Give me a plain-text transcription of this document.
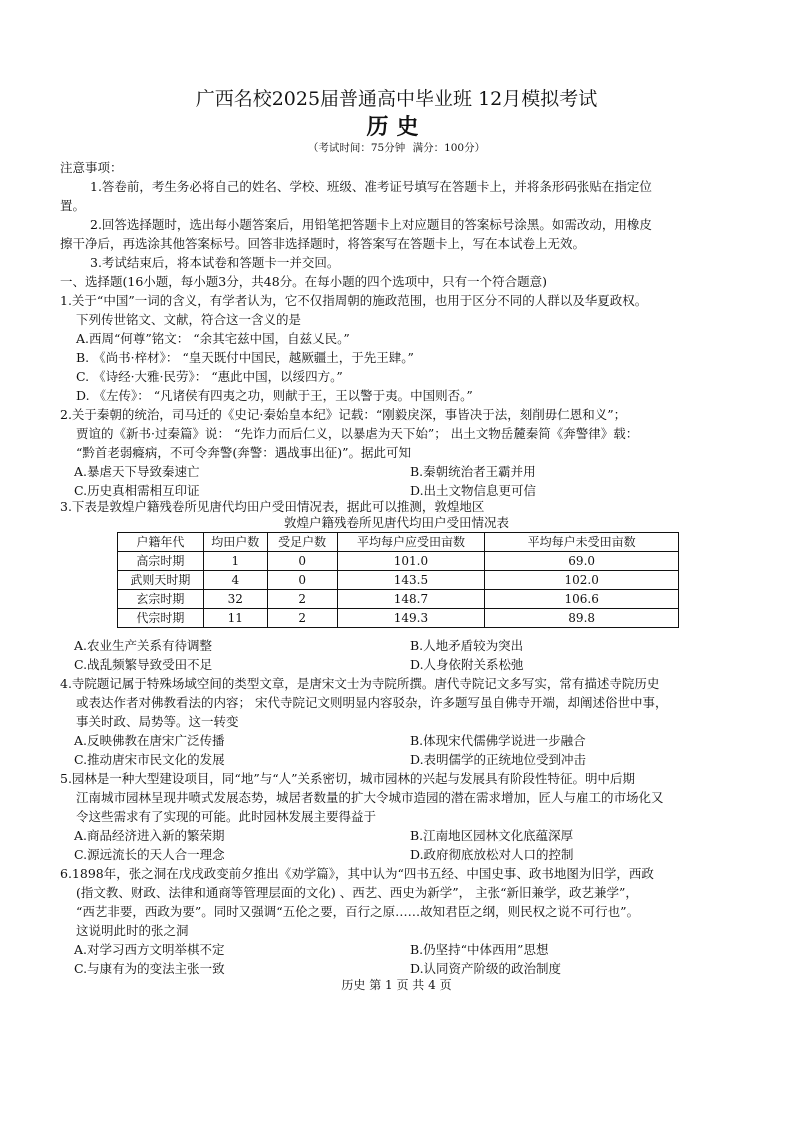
广西名校2025届普通高中毕业班 12月模拟考试
历史
（考试时间：75分钟 满分：100分）
注意事项：
1.答卷前，考生务必将自己的姓名、学校、班级、准考证号填写在答题卡上，并将条形码张贴在指定位
置。
2.回答选择题时，选出每小题答案后，用铅笔把答题卡上对应题目的答案标号涂黑。如需改动，用橡皮
擦干净后，再选涂其他答案标号。回答非选择题时，将答案写在答题卡上，写在本试卷上无效。
3.考试结束后，将本试卷和答题卡一并交回。
一、选择题(16小题，每小题3分，共48分。在每小题的四个选项中，只有一个符合题意)
1.关于“中国”一词的含义，有学者认为，它不仅指周朝的施政范围，也用于区分不同的人群以及华夏政权。
下列传世铭文、文献，符合这一含义的是
A.西周“何尊”铭文： “余其宅兹中国，自兹乂民。”
B. 《尚书·梓材》： “皇天既付中国民，越厥疆土，于先王肆。”
C. 《诗经·大雅·民劳》： “惠此中国，以绥四方。”
D. 《左传》： “凡诸侯有四夷之功，则献于王，王以警于夷。中国则否。”
2.关于秦朝的统治，司马迁的《史记·秦始皇本纪》记载：“刚毅戾深，事皆决于法，刻削毋仁恩和义”；
贾谊的《新书·过秦篇》说： “先诈力而后仁义，以暴虐为天下始”； 出土文物岳麓秦简《奔警律》载：
“黔首老弱癃病，不可令奔警(奔警：遇战事出征)”。据此可知
A.暴虐天下导致秦速亡	B.秦朝统治者王霸并用
C.历史真相需相互印证	D.出土文物信息更可信
3.下表是敦煌户籍残卷所见唐代均田户受田情况表，据此可以推测，敦煌地区
敦煌户籍残卷所见唐代均田户受田情况表
户籍年代	均田户数	受足户数	平均每户应受田亩数	平均每户未受田亩数
高宗时期	1	0	101.0	69.0
武则天时期	4	0	143.5	102.0
玄宗时期	32	2	148.7	106.6
代宗时期	11	2	149.3	89.8
A.农业生产关系有待调整	B.人地矛盾较为突出
C.战乱频繁导致受田不足	D.人身依附关系松弛
4.寺院题记属于特殊场域空间的类型文章，是唐宋文士为寺院所撰。唐代寺院记文多写实，常有描述寺院历史
或表达作者对佛教看法的内容； 宋代寺院记文则明显内容驳杂，许多题写虽自佛寺开端，却阐述俗世中事，
事关时政、局势等。这一转变
A.反映佛教在唐宋广泛传播	B.体现宋代儒佛学说进一步融合
C.推动唐宋市民文化的发展	D.表明儒学的正统地位受到冲击
5.园林是一种大型建设项目，同“地”与“人”关系密切，城市园林的兴起与发展具有阶段性特征。明中后期
江南城市园林呈现井喷式发展态势，城居者数量的扩大令城市造园的潜在需求增加，匠人与雇工的市场化又
令这些需求有了实现的可能。此时园林发展主要得益于
A.商品经济进入新的繁荣期	B.江南地区园林文化底蕴深厚
C.源远流长的天人合一理念	D.政府彻底放松对人口的控制
6.1898年，张之洞在戊戌政变前夕推出《劝学篇》，其中认为“四书五经、中国史事、政书地图为旧学，西政
(指文教、财政、法律和通商等管理层面的文化) 、西艺、西史为新学”， 主张“新旧兼学，政艺兼学”，
“西艺非要，西政为要”。同时又强调“五伦之要，百行之原……故知君臣之纲，则民权之说不可行也”。
这说明此时的张之洞
A.对学习西方文明举棋不定	B.仍坚持“中体西用”思想
C.与康有为的变法主张一致	D.认同资产阶级的政治制度
历史 第 1 页 共 4 页
